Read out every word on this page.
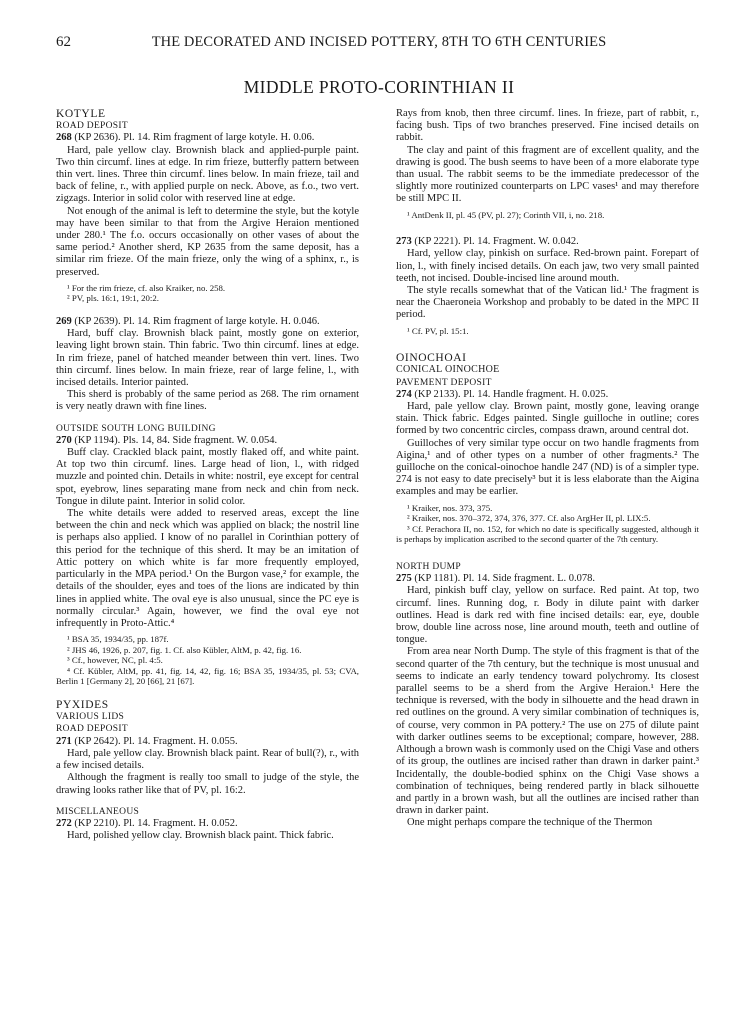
62	THE DECORATED AND INCISED POTTERY, 8TH TO 6TH CENTURIES
MIDDLE PROTO-CORINTHIAN II

KOTYLE

ROAD DEPOSIT

268 (KP 2636). Pl. 14. Rim fragment of large kotyle. H. 0.06.

Hard, pale yellow clay. Brownish black and applied-purple paint. Two thin circumf. lines at edge. In rim frieze, butterfly pattern between thin vert. lines. Three thin circumf. lines below. In main frieze, tail and back of feline, r., with applied purple on neck. Above, as f.o., two vert. zigzags. Interior in solid color with reserved line at edge.

Not enough of the animal is left to determine the style, but the kotyle may have been similar to that from the Argive Heraion mentioned under 280.¹ The f.o. occurs occasionally on other vases of about the same period.² Another sherd, KP 2635 from the same deposit, has a similar rim frieze. Of the main frieze, only the wing of a sphinx, r., is preserved.

¹ For the rim frieze, cf. also Kraiker, no. 258.

² PV, pls. 16:1, 19:1, 20:2.

269 (KP 2639). Pl. 14. Rim fragment of large kotyle. H. 0.046.

Hard, buff clay. Brownish black paint, mostly gone on exterior, leaving light brown stain. Thin fabric. Two thin circumf. lines at edge. In rim frieze, panel of hatched meander between thin vert. lines. Two thin circumf. lines below. In main frieze, rear of large feline, l., with incised details. Interior painted.

This sherd is probably of the same period as 268. The rim ornament is very neatly drawn with fine lines.

OUTSIDE SOUTH LONG BUILDING

270 (KP 1194). Pls. 14, 84. Side fragment. W. 0.054.

Buff clay. Crackled black paint, mostly flaked off, and white paint. At top two thin circumf. lines. Large head of lion, l., with ridged muzzle and pointed chin. Details in white: nostril, eye except for central spot, eyebrow, lines separating mane from neck and chin from neck. Tongue in dilute paint. Interior in solid color.

The white details were added to reserved areas, except the line between the chin and neck which was applied on black; the nostril line is perhaps also applied. I know of no parallel in Corinthian pottery of this period for the technique of this sherd. It may be an imitation of Attic pottery on which white is far more frequently employed, particularly in the MPA period.¹ On the Burgon vase,² for example, the details of the shoulder, eyes and toes of the lions are indicated by thin lines in applied white. The oval eye is also unusual, since the PC eye is normally circular.³ Again, however, we find the oval eye not infrequently in Proto-Attic.⁴

¹ BSA 35, 1934/35, pp. 187f.

² JHS 46, 1926, p. 207, fig. 1. Cf. also Kübler, AltM, p. 42, fig. 16.

³ Cf., however, NC, pl. 4:5.

⁴ Cf. Kübler, AltM, pp. 41, fig. 14, 42, fig. 16; BSA 35, 1934/35, pl. 53; CVA, Berlin 1 [Germany 2], 20 [66], 21 [67].

PYXIDES

VARIOUS LIDS

ROAD DEPOSIT

271 (KP 2642). Pl. 14. Fragment. H. 0.055.

Hard, pale yellow clay. Brownish black paint. Rear of bull(?), r., with a few incised details.

Although the fragment is really too small to judge of the style, the drawing looks rather like that of PV, pl. 16:2.

MISCELLANEOUS

272 (KP 2210). Pl. 14. Fragment. H. 0.052.

Hard, polished yellow clay. Brownish black paint. Thick fabric.

Rays from knob, then three circumf. lines. In frieze, part of rabbit, r., facing bush. Tips of two branches preserved. Fine incised details on rabbit.

The clay and paint of this fragment are of excellent quality, and the drawing is good. The bush seems to have been of a more elaborate type than usual. The rabbit seems to be the immediate predecessor of the slightly more routinized counterparts on LPC vases¹ and may therefore be still MPC II.

¹ AntDenk II, pl. 45 (PV, pl. 27); Corinth VII, i, no. 218.

273 (KP 2221). Pl. 14. Fragment. W. 0.042.

Hard, yellow clay, pinkish on surface. Red-brown paint. Forepart of lion, l., with finely incised details. On each jaw, two very small painted teeth, not incised. Double-incised line around mouth.

The style recalls somewhat that of the Vatican lid.¹ The fragment is near the Chaeroneia Workshop and probably to be dated in the MPC II period.

¹ Cf. PV, pl. 15:1.

OINOCHOAI

CONICAL OINOCHOE

PAVEMENT DEPOSIT

274 (KP 2133). Pl. 14. Handle fragment. H. 0.025.

Hard, pale yellow clay. Brown paint, mostly gone, leaving orange stain. Thick fabric. Edges painted. Single guilloche in outline; cores formed by two concentric circles, compass drawn, around central dot.

Guilloches of very similar type occur on two handle fragments from Aigina,¹ and of other types on a number of other fragments.² The guilloche on the conical-oinochoe handle 247 (ND) is of a simpler type. 274 is not easy to date precisely³ but it is less elaborate than the Aigina examples and may be earlier.

¹ Kraiker, nos. 373, 375.

² Kraiker, nos. 370–372, 374, 376, 377. Cf. also ArgHer II, pl. LIX:5.

³ Cf. Perachora II, no. 152, for which no date is specifically suggested, although it is perhaps by implication ascribed to the second quarter of the 7th century.

NORTH DUMP

275 (KP 1181). Pl. 14. Side fragment. L. 0.078.

Hard, pinkish buff clay, yellow on surface. Red paint. At top, two circumf. lines. Running dog, r. Body in dilute paint with darker outlines. Head is dark red with fine incised details: ear, eye, double brow, double line across nose, line around mouth, teeth and outline of tongue.

From area near North Dump. The style of this fragment is that of the second quarter of the 7th century, but the technique is most unusual and seems to indicate an early tendency toward polychromy. Its closest parallel seems to be a sherd from the Argive Heraion.¹ Here the technique is reversed, with the body in silhouette and the head drawn in red outlines on the ground. A very similar combination of techniques is, of course, very common in PA pottery.² The use on 275 of dilute paint with darker outlines seems to be exceptional; compare, however, 288. Although a brown wash is commonly used on the Chigi Vase and others of its group, the outlines are incised rather than drawn in darker paint.³ Incidentally, the double-bodied sphinx on the Chigi Vase shows a combination of techniques, being rendered partly in black silhouette and partly in a brown wash, but all the outlines are incised rather than drawn in darker paint.

One might perhaps compare the technique of the Thermon
